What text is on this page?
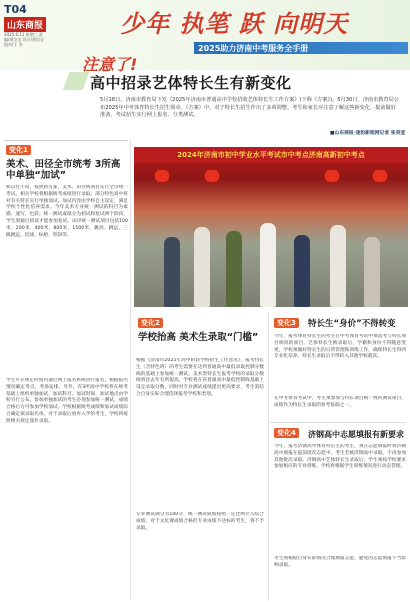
T04
山东商报
2025.6.11 星期三 责编/胡宗宝 设计/胡宗宝 校对/王 冬
少年 执笔 跃 向明天
2025助力济南中考服务全手册
注意了!
高中招录艺体特长生有新变化
5月18日，济南市教育局下发《2025年济南市普通高中学校招收艺体特长生工作方案》(下称《方案》)。5月30日，济南市教育局公布2025年中考体育特长生招生简章。《方案》中，对于特长生招生作出了多项调整。考生和家长应注意了解这些新变化，提前做好准备。考试招生实行网上报名、分类测试。
■山东商报·速豹新闻网记者 张昊莹
2024年济南市初中学业水平考试市中考点济南高新初中考点
变化1
美术、田径全市统考 3所高中单独“加试”
和以往不同，按照新方案，美术、田径两项目实行全市统一考试。相关学校将根据统考成绩进行录取。部分特色高中将对有关特长实行单独加试，加试内容由学校自主设定，满足学校个性化培养需求。今年美术专业统一测试的科目为素描、速写、色彩。统一测试成绩分为初试和复试两个阶段，学生须通过初试才能参加复试。田径统一测试项目包括100米、200米、400米、800米、1500米、跳高、跳远、三级跳远、铅球、标枪、铁饼等。
学生可在规定时间内通过网上报名系统进行报名，根据报名情况确定考点、考场安排。另外，有3所高中学校将在统考基础上组织单独加试，加试科目、加试时间、加试地点由学校另行公布。参加单独加试的考生必须参加统一测试，成绩合格后方可参加学校加试。学校根据统考成绩和加试成绩综合确定拟录取名单。对于录取后放弃入学的考生，学校将按照相关规定递补录取。
变化2
学校抬高 美术生录取“门槛”
根据《济南市2025年高中阶段学校招生工作意见》，报考特长生（含特色班）的考生需要在达到普通高中最低录取控制分数线的基础上参加统一测试。美术类特长生报考学校的录取分数线将比去年有所提高，学校将在省普通高中最低控制线基础上设定录取分数，同时对专业测试成绩提出更高要求，考生需结合自身实际合理选择报考学校和类别。
专业测试满分为100分，统一测试成绩按照一定比例计入综合成绩。对于文化课成绩合格但专业成绩不达标的考生，将不予录取。
变化3	特长生“身价”不得转变
今年，报考体育特长生的考生在中考体育考试中须选考与特长项目相同的项目。艺体特长生被录取后，学籍和身份不得随意变更，学校须做好特长生的日常管理和训练工作，确保特长生得到专业化培养。特长生录取后不得转入其他学校就读。
在中考体育考试中，考生须参加与特长项目相一致的测试项目，成绩作为特长生录取的参考依据之一。
变化4	济钢高中志愿填报有新要求
今年，报考济钢高中体育特长生的考生，须在志愿填报时将济钢高中填报在提前批次志愿中。考生若被济钢高中录取，不再参加其他批次录取。济钢高中艺体特长生录取后，学生须按学校要求参加相应的专业训练，学校将根据学生训练情况进行动态管理。
考生须根据自身实际情况合理填报志愿，避免因志愿填报不当影响录取。
